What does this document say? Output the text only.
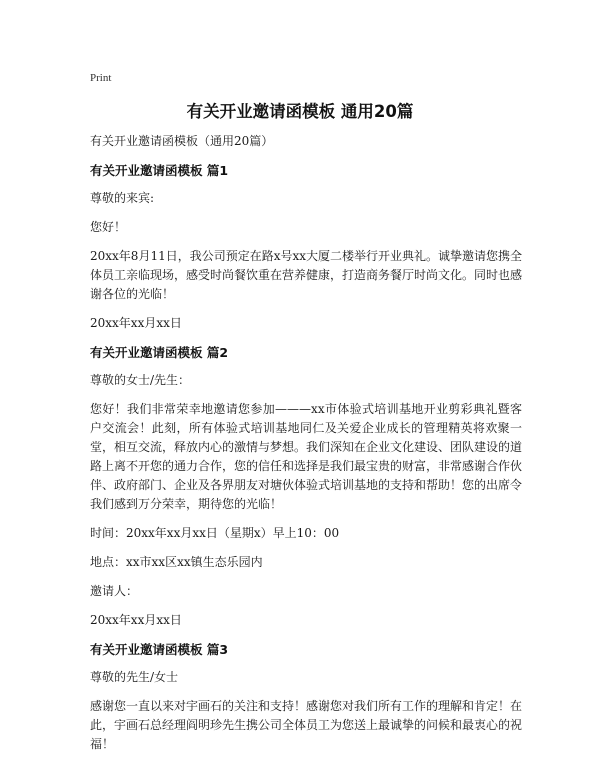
Print
有关开业邀请函模板 通用20篇
有关开业邀请函模板（通用20篇）
有关开业邀请函模板 篇1
尊敬的来宾:
您好！
20xx年8月11日，我公司预定在路x号xx大厦二楼举行开业典礼。诚挚邀请您携全体员工亲临现场，感受时尚餐饮重在营养健康，打造商务餐厅时尚文化。同时也感谢各位的光临！
20xx年xx月xx日
有关开业邀请函模板 篇2
尊敬的女士/先生：
您好！我们非常荣幸地邀请您参加———xx市体验式培训基地开业剪彩典礼暨客户交流会！此刻，所有体验式培训基地同仁及关爱企业成长的管理精英将欢聚一堂，相互交流，释放内心的激情与梦想。我们深知在企业文化建设、团队建设的道路上离不开您的通力合作，您的信任和选择是我们最宝贵的财富，非常感谢合作伙伴、政府部门、企业及各界朋友对塘伙体验式培训基地的支持和帮助！您的出席令我们感到万分荣幸，期待您的光临！
时间：20xx年xx月xx日（星期x）早上10：00
地点：xx市xx区xx镇生态乐园内
邀请人：
20xx年xx月xx日
有关开业邀请函模板 篇3
尊敬的先生/女士
感谢您一直以来对宇画石的关注和支持！感谢您对我们所有工作的理解和肯定！在此，宇画石总经理阎明珍先生携公司全体员工为您送上最诚挚的问候和最衷心的祝福！
